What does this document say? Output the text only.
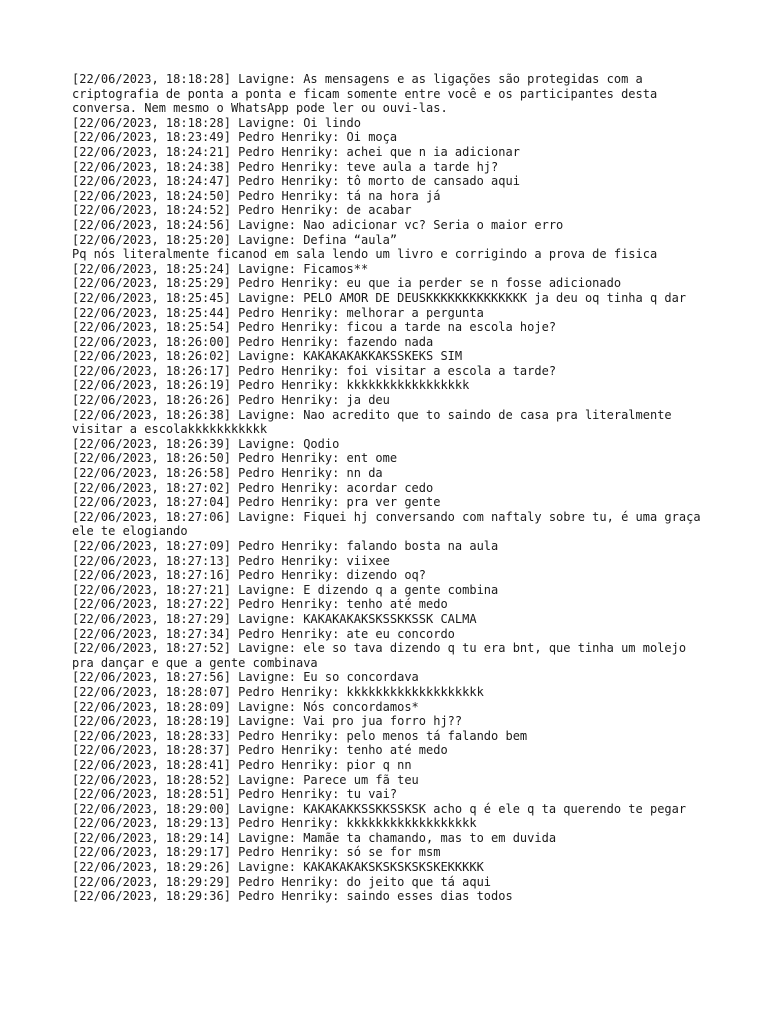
[22/06/2023, 18:18:28] Lavigne: As mensagens e as ligações são protegidas com a criptografia de ponta a ponta e ficam somente entre você e os participantes desta conversa. Nem mesmo o WhatsApp pode ler ou ouvi-las.
[22/06/2023, 18:18:28] Lavigne: Oi lindo
[22/06/2023, 18:23:49] Pedro Henriky: Oi moça
[22/06/2023, 18:24:21] Pedro Henriky: achei que n ia adicionar
[22/06/2023, 18:24:38] Pedro Henriky: teve aula a tarde hj?
[22/06/2023, 18:24:47] Pedro Henriky: tô morto de cansado aqui
[22/06/2023, 18:24:50] Pedro Henriky: tá na hora já
[22/06/2023, 18:24:52] Pedro Henriky: de acabar
[22/06/2023, 18:24:56] Lavigne: Nao adicionar vc? Seria o maior erro
[22/06/2023, 18:25:20] Lavigne: Defina “aula”
Pq nós literalmente ficanod em sala lendo um livro e corrigindo a prova de fisica
[22/06/2023, 18:25:24] Lavigne: Ficamos**
[22/06/2023, 18:25:29] Pedro Henriky: eu que ia perder se n fosse adicionado
[22/06/2023, 18:25:45] Lavigne: PELO AMOR DE DEUSKKKKKKKKKKKKKK ja deu oq tinha q dar
[22/06/2023, 18:25:44] Pedro Henriky: melhorar a pergunta
[22/06/2023, 18:25:54] Pedro Henriky: ficou a tarde na escola hoje?
[22/06/2023, 18:26:00] Pedro Henriky: fazendo nada
[22/06/2023, 18:26:02] Lavigne: KAKAKAKAKKAKSSKEKS SIM
[22/06/2023, 18:26:17] Pedro Henriky: foi visitar a escola a tarde?
[22/06/2023, 18:26:19] Pedro Henriky: kkkkkkkkkkkkkkkkk
[22/06/2023, 18:26:26] Pedro Henriky: ja deu
[22/06/2023, 18:26:38] Lavigne: Nao acredito que to saindo de casa pra literalmente visitar a escolakkkkkkkkkkk
[22/06/2023, 18:26:39] Lavigne: Qodio
[22/06/2023, 18:26:50] Pedro Henriky: ent ome
[22/06/2023, 18:26:58] Pedro Henriky: nn da
[22/06/2023, 18:27:02] Pedro Henriky: acordar cedo
[22/06/2023, 18:27:04] Pedro Henriky: pra ver gente
[22/06/2023, 18:27:06] Lavigne: Fiquei hj conversando com naftaly sobre tu, é uma graça ele te elogiando
[22/06/2023, 18:27:09] Pedro Henriky: falando bosta na aula
[22/06/2023, 18:27:13] Pedro Henriky: viixee
[22/06/2023, 18:27:16] Pedro Henriky: dizendo oq?
[22/06/2023, 18:27:21] Lavigne: E dizendo q a gente combina
[22/06/2023, 18:27:22] Pedro Henriky: tenho até medo
[22/06/2023, 18:27:29] Lavigne: KAKAKAKAKSKSSKKSSK CALMA
[22/06/2023, 18:27:34] Pedro Henriky: ate eu concordo
[22/06/2023, 18:27:52] Lavigne: ele so tava dizendo q tu era bnt, que tinha um molejo pra dançar e que a gente combinava
[22/06/2023, 18:27:56] Lavigne: Eu so concordava
[22/06/2023, 18:28:07] Pedro Henriky: kkkkkkkkkkkkkkkkkkk
[22/06/2023, 18:28:09] Lavigne: Nós concordamos*
[22/06/2023, 18:28:19] Lavigne: Vai pro jua forro hj??
[22/06/2023, 18:28:33] Pedro Henriky: pelo menos tá falando bem
[22/06/2023, 18:28:37] Pedro Henriky: tenho até medo
[22/06/2023, 18:28:41] Pedro Henriky: pior q nn
[22/06/2023, 18:28:52] Lavigne: Parece um fã teu
[22/06/2023, 18:28:51] Pedro Henriky: tu vai?
[22/06/2023, 18:29:00] Lavigne: KAKAKAKKSSKKSSKSK acho q é ele q ta querendo te pegar
[22/06/2023, 18:29:13] Pedro Henriky: kkkkkkkkkkkkkkkkkk
[22/06/2023, 18:29:14] Lavigne: Mamãe ta chamando, mas to em duvida
[22/06/2023, 18:29:17] Pedro Henriky: só se for msm
[22/06/2023, 18:29:26] Lavigne: KAKAKAKAKSKSKSKSKSKEKKKKK
[22/06/2023, 18:29:29] Pedro Henriky: do jeito que tá aqui
[22/06/2023, 18:29:36] Pedro Henriky: saindo esses dias todos
